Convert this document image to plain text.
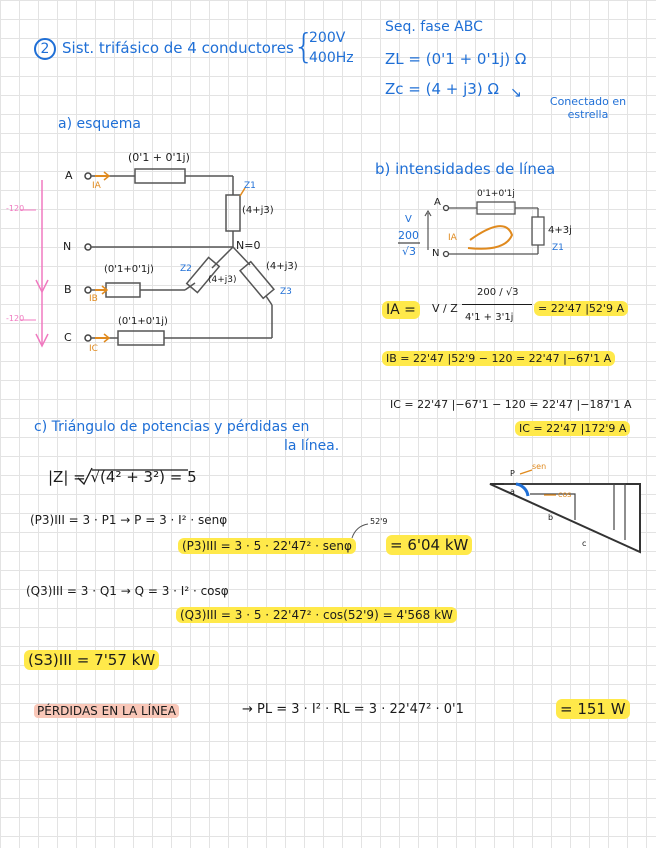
2 Sist. trifásico de 4 conductores {
200V
400Hz
Seq. fase ABC
ZL = (0'1 + 0'1j) Ω
Zc = (4 + j3) Ω ↘
Conectado en estrella
a) esquema
A
IA
N
B
IB
C
IC
-120
-120
(0'1 + 0'1j)
(0'1+0'1j)
(0'1+0'1j)
(4+j3)
(4+j3)
(4+j3)
Z1
Z2
Z3
N=0
b) intensidades de línea
A
N
IA
0'1+0'1j
4+3j
Z1
V
200
√3
IA =	V / Z
200 / √3
4'1 + 3'1j
= 22'47 |52'9 A
IB = 22'47 |52'9 − 120 = 22'47 |−67'1 A
IC = 22'47 |−67'1 − 120 = 22'47 |−187'1 A
IC = 22'47 |172'9 A
c) Triángulo de potencias y pérdidas en
la línea.
|Z| = √(4² + 3²) = 5
(P3)III = 3 · P1 → P = 3 · I² · senφ	52'9
(P3)III = 3 · 5 · 22'47² · senφ	= 6'04 kW
(Q3)III = 3 · Q1 → Q = 3 · I² · cosφ
(Q3)III = 3 · 5 · 22'47² · cos(52'9) = 4'568 kW
(S3)III = 7'57 kW
PÉRDIDAS EN LA LÍNEA	→ PL = 3 · I² · RL = 3 · 22'47² · 0'1	= 151 W
sen
cos
P
a
b
c
